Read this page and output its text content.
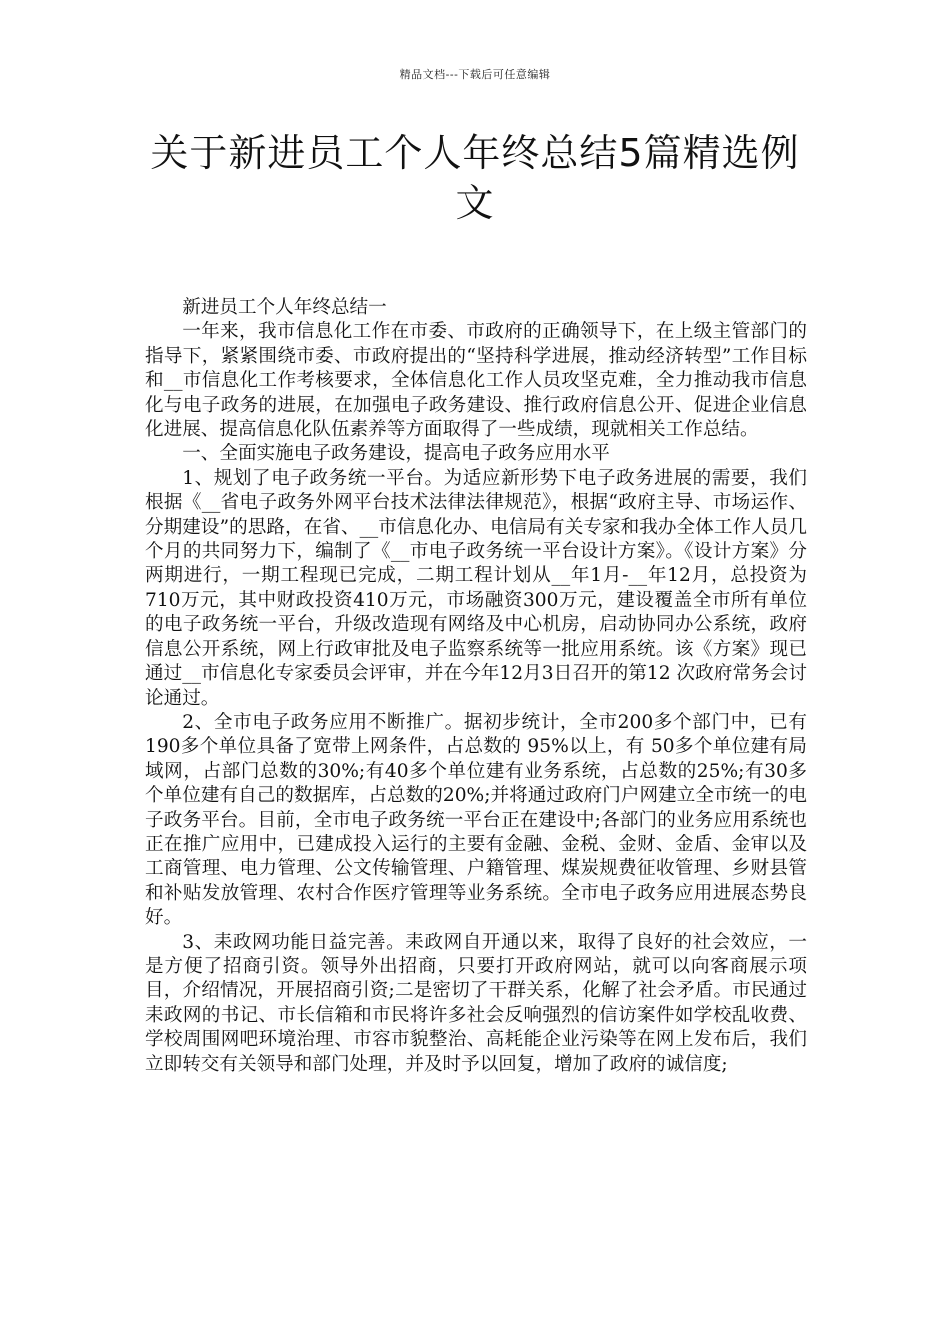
精品文档---下载后可任意编辑
关于新进员工个人年终总结5篇精选例文

新进员工个人年终总结一

一年来，我市信息化工作在市委、市政府的正确领导下，在上级主管部门的指导下，紧紧围绕市委、市政府提出的“坚持科学进展，推动经济转型”工作目标和__市信息化工作考核要求，全体信息化工作人员攻坚克难，全力推动我市信息化与电子政务的进展，在加强电子政务建设、推行政府信息公开、促进企业信息化进展、提高信息化队伍素养等方面取得了一些成绩，现就相关工作总结。

一、全面实施电子政务建设，提高电子政务应用水平

1、规划了电子政务统一平台。为适应新形势下电子政务进展的需要，我们根据《__省电子政务外网平台技术法律法律规范》，根据“政府主导、市场运作、分期建设”的思路，在省、__市信息化办、电信局有关专家和我办全体工作人员几个月的共同努力下，编制了《__市电子政务统一平台设计方案》。《设计方案》分两期进行，一期工程现已完成，二期工程计划从__年1月-__年12月，总投资为710万元，其中财政投资410万元，市场融资300万元，建设覆盖全市所有单位的电子政务统一平台，升级改造现有网络及中心机房，启动协同办公系统，政府信息公开系统，网上行政审批及电子监察系统等一批应用系统。该《方案》现已通过__市信息化专家委员会评审，并在今年12月3日召开的第12 次政府常务会讨论通过。

2、全市电子政务应用不断推广。据初步统计，全市200多个部门中，已有190多个单位具备了宽带上网条件，占总数的 95%以上，有 50多个单位建有局域网，占部门总数的30%;有40多个单位建有业务系统，占总数的25%;有30多个单位建有自己的数据库，占总数的20%;并将通过政府门户网建立全市统一的电子政务平台。目前，全市电子政务统一平台正在建设中;各部门的业务应用系统也正在推广应用中，已建成投入运行的主要有金融、金税、金财、金盾、金审以及工商管理、电力管理、公文传输管理、户籍管理、煤炭规费征收管理、乡财县管和补贴发放管理、农村合作医疗管理等业务系统。全市电子政务应用进展态势良好。

3、耒政网功能日益完善。耒政网自开通以来，取得了良好的社会效应，一是方便了招商引资。领导外出招商，只要打开政府网站，就可以向客商展示项目，介绍情况，开展招商引资;二是密切了干群关系，化解了社会矛盾。市民通过耒政网的书记、市长信箱和市民将许多社会反响强烈的信访案件如学校乱收费、学校周围网吧环境治理、市容市貌整治、高耗能企业污染等在网上发布后，我们立即转交有关领导和部门处理，并及时予以回复，增加了政府的诚信度;
